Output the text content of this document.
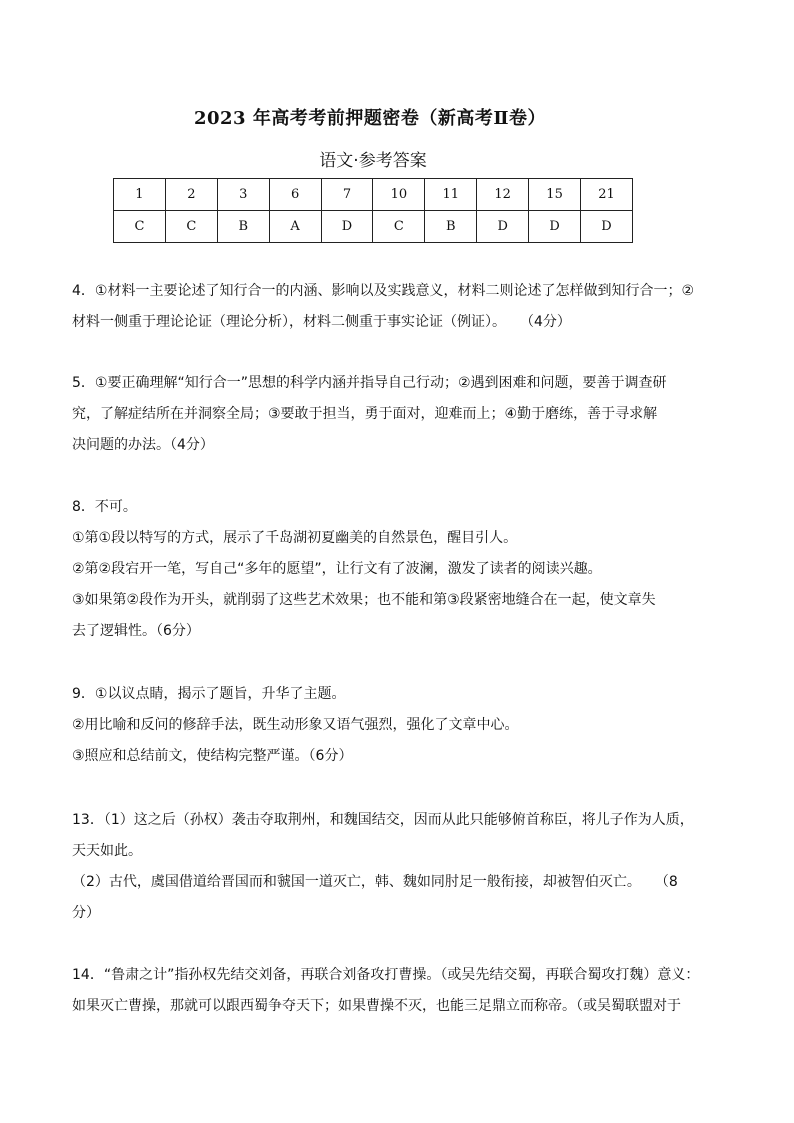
2023 年高考考前押题密卷（新高考Ⅱ卷）
语文·参考答案
1	2	3	6	7	10	11	12	15	21
C	C	B	A	D	C	B	D	D	D

4．①材料一主要论述了知行合一的内涵、影响以及实践意义，材料二则论述了怎样做到知行合一；②

材料一侧重于理论论证（理论分析），材料二侧重于事实论证（例证）。　　（4分）

5．①要正确理解“知行合一”思想的科学内涵并指导自己行动；②遇到困难和问题，要善于调查研

究，了解症结所在并洞察全局；③要敢于担当，勇于面对，迎难而上；④勤于磨练，善于寻求解

决问题的办法。（4分）

8．不可。

①第①段以特写的方式，展示了千岛湖初夏幽美的自然景色，醒目引人。

②第②段宕开一笔，写自己“多年的愿望”，让行文有了波澜，激发了读者的阅读兴趣。

③如果第②段作为开头，就削弱了这些艺术效果；也不能和第③段紧密地缝合在一起，使文章失

去了逻辑性。（6分）

9．①以议点睛，揭示了题旨，升华了主题。

②用比喻和反问的修辞手法，既生动形象又语气强烈，强化了文章中心。

③照应和总结前文，使结构完整严谨。（6分）

13．（1）这之后（孙权）袭击夺取荆州，和魏国结交，因而从此只能够俯首称臣，将儿子作为人质，

天天如此。

（2）古代，虞国借道给晋国而和虢国一道灭亡，韩、魏如同肘足一般衔接，却被智伯灭亡。　　（8

分）

14．“鲁肃之计”指孙权先结交刘备，再联合刘备攻打曹操。（或吴先结交蜀，再联合蜀攻打魏）意义：

如果灭亡曹操，那就可以跟西蜀争夺天下；如果曹操不灭，也能三足鼎立而称帝。（或吴蜀联盟对于
